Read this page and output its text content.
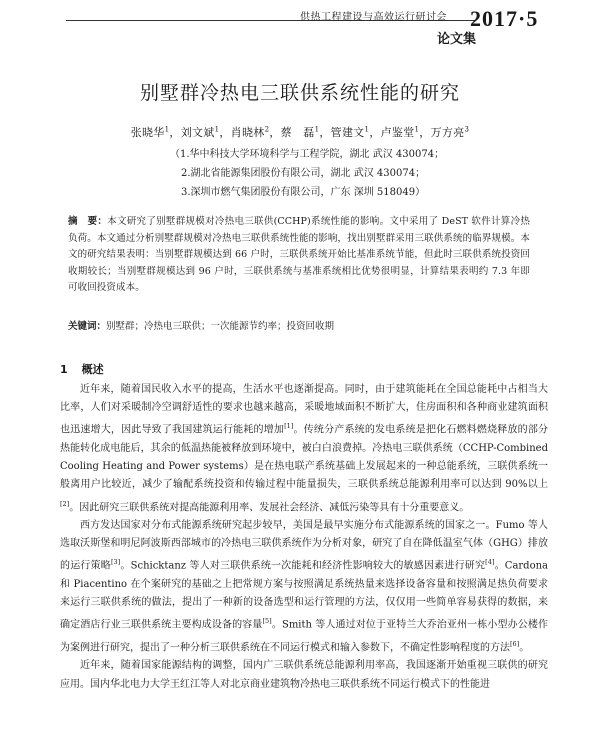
供热工程建设与高效运行研讨会 2017·5
论文集
别墅群冷热电三联供系统性能的研究
张晓华$^1$，刘文斌$^1$，肖晓林$^2$，蔡　磊$^1$，管建文$^1$，卢鉴堂$^1$，万方亮$^3$
（1.华中科技大学环境科学与工程学院，湖北 武汉 430074；
2.湖北省能源集团股份有限公司，湖北 武汉 430074；
3.深圳市燃气集团股份有限公司，广东 深圳 518049）
摘　要：本文研究了别墅群规模对冷热电三联供(CCHP)系统性能的影响。文中采用了 DeST 软件计算冷热负荷。本文通过分析别墅群规模对冷热电三联供系统性能的影响，找出别墅群采用三联供系统的临界规模。本文的研究结果表明：当别墅群规模达到 66 户时，三联供系统开始比基准系统节能，但此时三联供系统投资回收期较长；当别墅群规模达到 96 户时，三联供系统与基准系统相比优势很明显，计算结果表明约 7.3 年即可收回投资成本。
关键词：别墅群；冷热电三联供；一次能源节约率；投资回收期
1 概述

近年来，随着国民收入水平的提高，生活水平也逐渐提高。同时，由于建筑能耗在全国总能耗中占相当大比率，人们对采暖制冷空调舒适性的要求也越来越高，采暖地域面积不断扩大，住房面积和各种商业建筑面积也迅速增大，因此导致了我国建筑运行能耗的增加[1]。传统分产系统的发电系统是把化石燃料燃烧释放的部分热能转化成电能后，其余的低温热能被释放到环境中，被白白浪费掉。冷热电三联供系统（CCHP-Combined Cooling Heating and Power systems）是在热电联产系统基础上发展起来的一种总能系统，三联供系统一般离用户比较近，减少了输配系统投资和传输过程中能量损失，三联供系统总能源利用率可以达到 90%以上[2]。因此研究三联供系统对提高能源利用率、发展社会经济、减低污染等具有十分重要意义。

西方发达国家对分布式能源系统研究起步较早，美国是最早实施分布式能源系统的国家之一。Fumo 等人选取沃斯堡和明尼阿波斯西部城市的冷热电三联供系统作为分析对象，研究了自在降低温室气体（GHG）排放的运行策略[3]。Schicktanz 等人对三联供系统一次能耗和经济性影响较大的敏感因素进行研究[4]。Cardona 和 Piacentino 在个案研究的基础之上把常规方案与按照满足系统热量来选择设备容量和按照满足热负荷要求来运行三联供系统的做法，提出了一种新的设备选型和运行管理的方法，仅仅用一些简单容易获得的数据，来确定酒店行业三联供系统主要构成设备的容量[5]。Smith 等人通过对位于亚特兰大乔治亚州一栋小型办公楼作为案例进行研究，提出了一种分析三联供系统在不同运行模式和输入参数下，不确定性影响程度的方法[6]。

近年来，随着国家能源结构的调整，国内广三联供系统总能源利用率高，我国逐渐开始重视三联供的研究应用。国内华北电力大学王红江等人对北京商业建筑物冷热电三联供系统不同运行模式下的性能进
